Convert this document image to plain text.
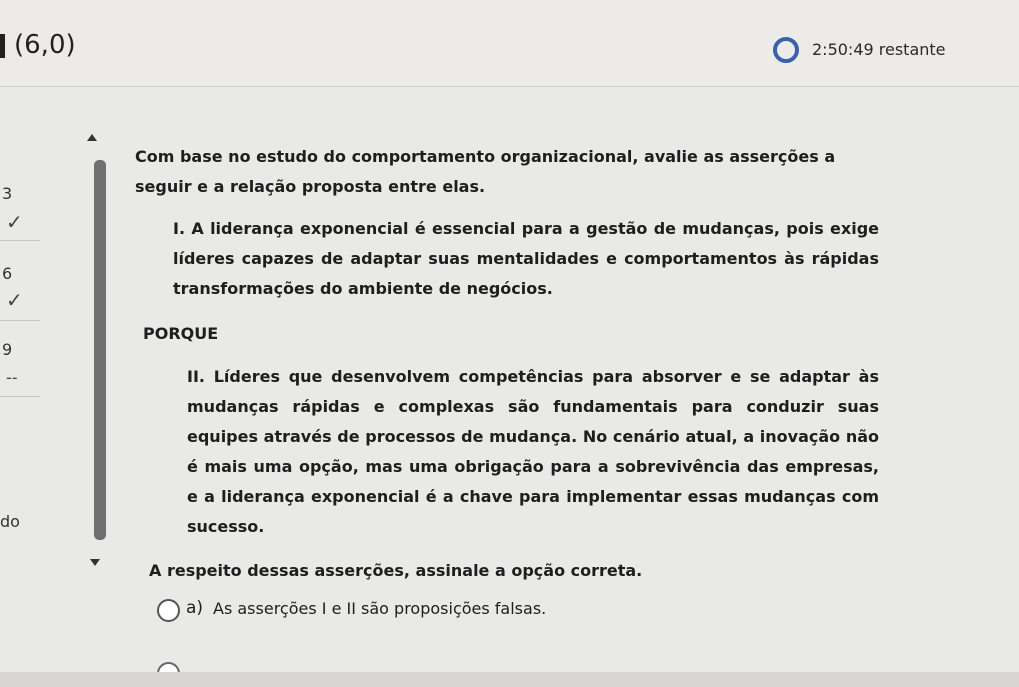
(6,0)	2:50:49 restante
3
✓
6
✓
9
--
do

Com base no estudo do comportamento organizacional, avalie as asserções a seguir e a relação proposta entre elas.

I. A liderança exponencial é essencial para a gestão de mudanças, pois exige líderes capazes de adaptar suas mentalidades e comportamentos às rápidas transformações do ambiente de negócios.

PORQUE

II. Líderes que desenvolvem competências para absorver e se adaptar às mudanças rápidas e complexas são fundamentais para conduzir suas equipes através de processos de mudança. No cenário atual, a inovação não é mais uma opção, mas uma obrigação para a sobrevivência das empresas, e a liderança exponencial é a chave para implementar essas mudanças com sucesso.

A respeito dessas asserções, assinale a opção correta.

a) As asserções I e II são proposições falsas.
